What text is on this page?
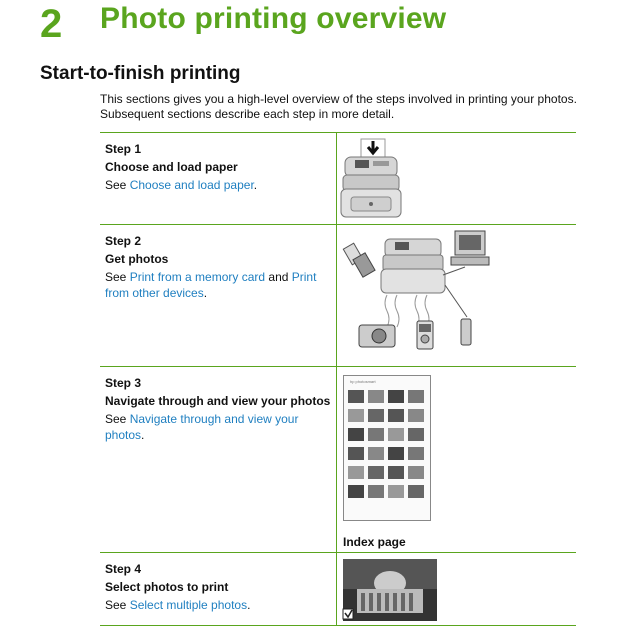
2 Photo printing overview
Start-to-finish printing
This sections gives you a high-level overview of the steps involved in printing your photos. Subsequent sections describe each step in more detail.
Step 1
Choose and load paper
See Choose and load paper.
Step 2
Get photos
See Print from a memory card and Print from other devices.
Step 3
Navigate through and view your photos
See Navigate through and view your photos.
hp photosmart
Index page
Step 4
Select photos to print
See Select multiple photos.
